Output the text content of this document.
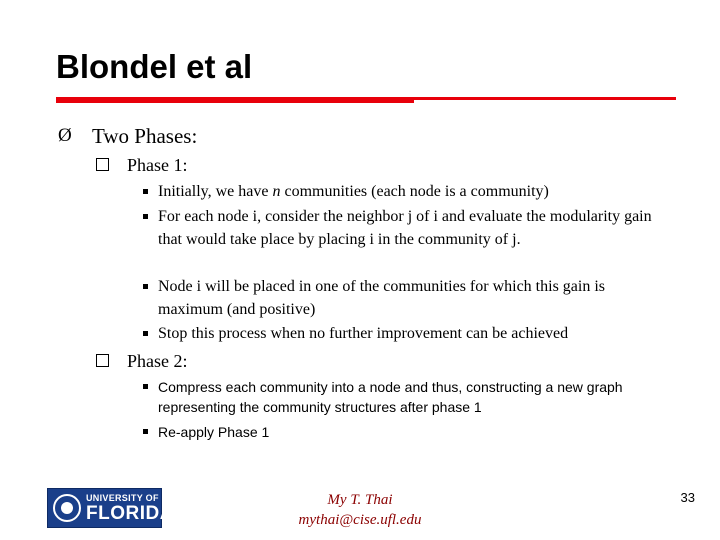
Blondel et al
Ø Two Phases:
Phase 1:
Initially, we have n communities (each node is a community)
For each node i, consider the neighbor j of i and evaluate the modularity gain that would take place by placing i in the community of j.
Node i will be placed in one of the communities for which this gain is maximum (and positive)
Stop this process when no further improvement can be achieved
Phase 2:
Compress each community into a node and thus, constructing a new graph representing the community structures after phase 1
Re-apply Phase 1
UNIVERSITY OF
FLORIDA
My T. Thai
mythai@cise.ufl.edu
33
